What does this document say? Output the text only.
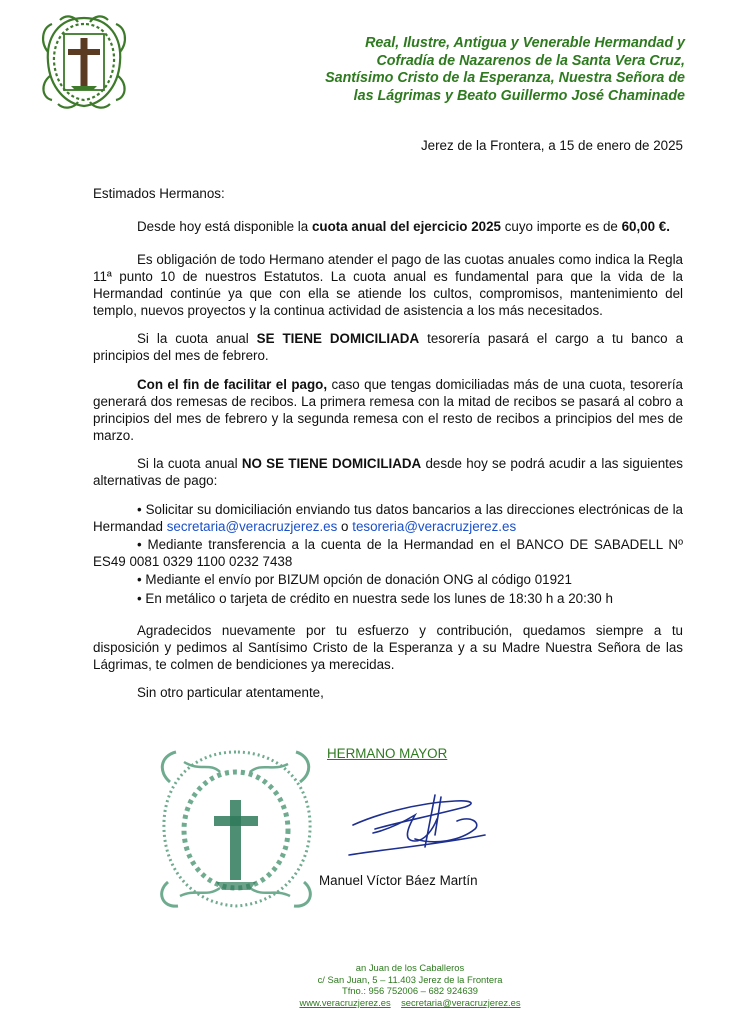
Real, Ilustre, Antigua y Venerable Hermandad y
Cofradía de Nazarenos de la Santa Vera Cruz,
Santísimo Cristo de la Esperanza, Nuestra Señora de
las Lágrimas y Beato Guillermo José Chaminade
Jerez de la Frontera, a 15 de enero de 2025

Estimados Hermanos:

Desde hoy está disponible la cuota anual del ejercicio 2025 cuyo importe es de 60,00 €.

Es obligación de todo Hermano atender el pago de las cuotas anuales como indica la Regla 11ª punto 10 de nuestros Estatutos. La cuota anual es fundamental para que la vida de la Hermandad continúe ya que con ella se atiende los cultos, compromisos, mantenimiento del templo, nuevos proyectos y la continua actividad de asistencia a los más necesitados.

Si la cuota anual SE TIENE DOMICILIADA tesorería pasará el cargo a tu banco a principios del mes de febrero.

Con el fin de facilitar el pago, caso que tengas domiciliadas más de una cuota, tesorería generará dos remesas de recibos. La primera remesa con la mitad de recibos se pasará al cobro a principios del mes de febrero y la segunda remesa con el resto de recibos a principios del mes de marzo.

Si la cuota anual NO SE TIENE DOMICILIADA desde hoy se podrá acudir a las siguientes alternativas de pago:

• Solicitar su domiciliación enviando tus datos bancarios a las direcciones electrónicas de la Hermandad secretaria@veracruzjerez.es o tesoreria@veracruzjerez.es

• Mediante transferencia a la cuenta de la Hermandad en el BANCO DE SABADELL Nº ES49 0081 0329 1100 0232 7438

• Mediante el envío por BIZUM opción de donación ONG al código 01921

• En metálico o tarjeta de crédito en nuestra sede los lunes de 18:30 h a 20:30 h

Agradecidos nuevamente por tu esfuerzo y contribución, quedamos siempre a tu disposición y pedimos al Santísimo Cristo de la Esperanza y a su Madre Nuestra Señora de las Lágrimas, te colmen de bendiciones ya merecidas.

Sin otro particular atentamente,

HERMANO MAYOR
Manuel Víctor Báez Martín
an Juan de los Caballeros
c/ San Juan, 5 – 11.403 Jerez de la Frontera
Tfno.: 956 752006 – 682 924639
www.veracruzjerez.es secretaria@veracruzjerez.es
